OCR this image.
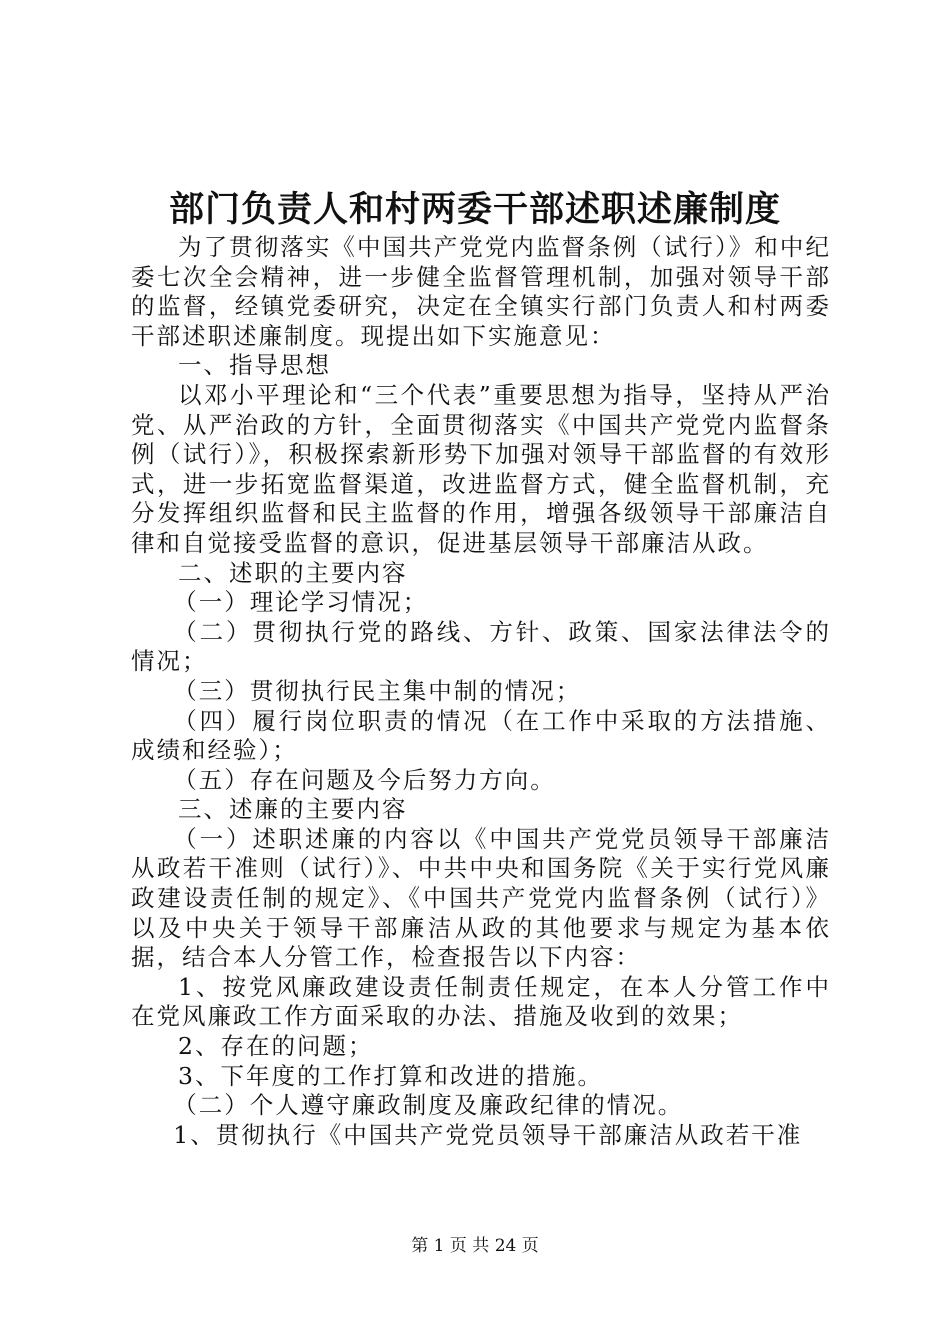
部门负责人和村两委干部述职述廉制度

为了贯彻落实《中国共产党党内监督条例（试行）》和中纪委七次全会精神，进一步健全监督管理机制，加强对领导干部的监督，经镇党委研究，决定在全镇实行部门负责人和村两委干部述职述廉制度。现提出如下实施意见：

一、指导思想

以邓小平理论和“三个代表”重要思想为指导，坚持从严治党、从严治政的方针，全面贯彻落实《中国共产党党内监督条例（试行）》，积极探索新形势下加强对领导干部监督的有效形式，进一步拓宽监督渠道，改进监督方式，健全监督机制，充分发挥组织监督和民主监督的作用，增强各级领导干部廉洁自律和自觉接受监督的意识，促进基层领导干部廉洁从政。

二、述职的主要内容

（一）理论学习情况；

（二）贯彻执行党的路线、方针、政策、国家法律法令的情况；

（三）贯彻执行民主集中制的情况；

（四）履行岗位职责的情况（在工作中采取的方法措施、成绩和经验）；

（五）存在问题及今后努力方向。

三、述廉的主要内容

（一）述职述廉的内容以《中国共产党党员领导干部廉洁从政若干准则（试行）》、中共中央和国务院《关于实行党风廉政建设责任制的规定》、《中国共产党党内监督条例（试行）》以及中央关于领导干部廉洁从政的其他要求与规定为基本依据，结合本人分管工作，检查报告以下内容：

1、按党风廉政建设责任制责任规定，在本人分管工作中在党风廉政工作方面采取的办法、措施及收到的效果；

2、存在的问题；

3、下年度的工作打算和改进的措施。

（二）个人遵守廉政制度及廉政纪律的情况。

1、贯彻执行《中国共产党党员领导干部廉洁从政若干准

第 1 页 共 24 页
